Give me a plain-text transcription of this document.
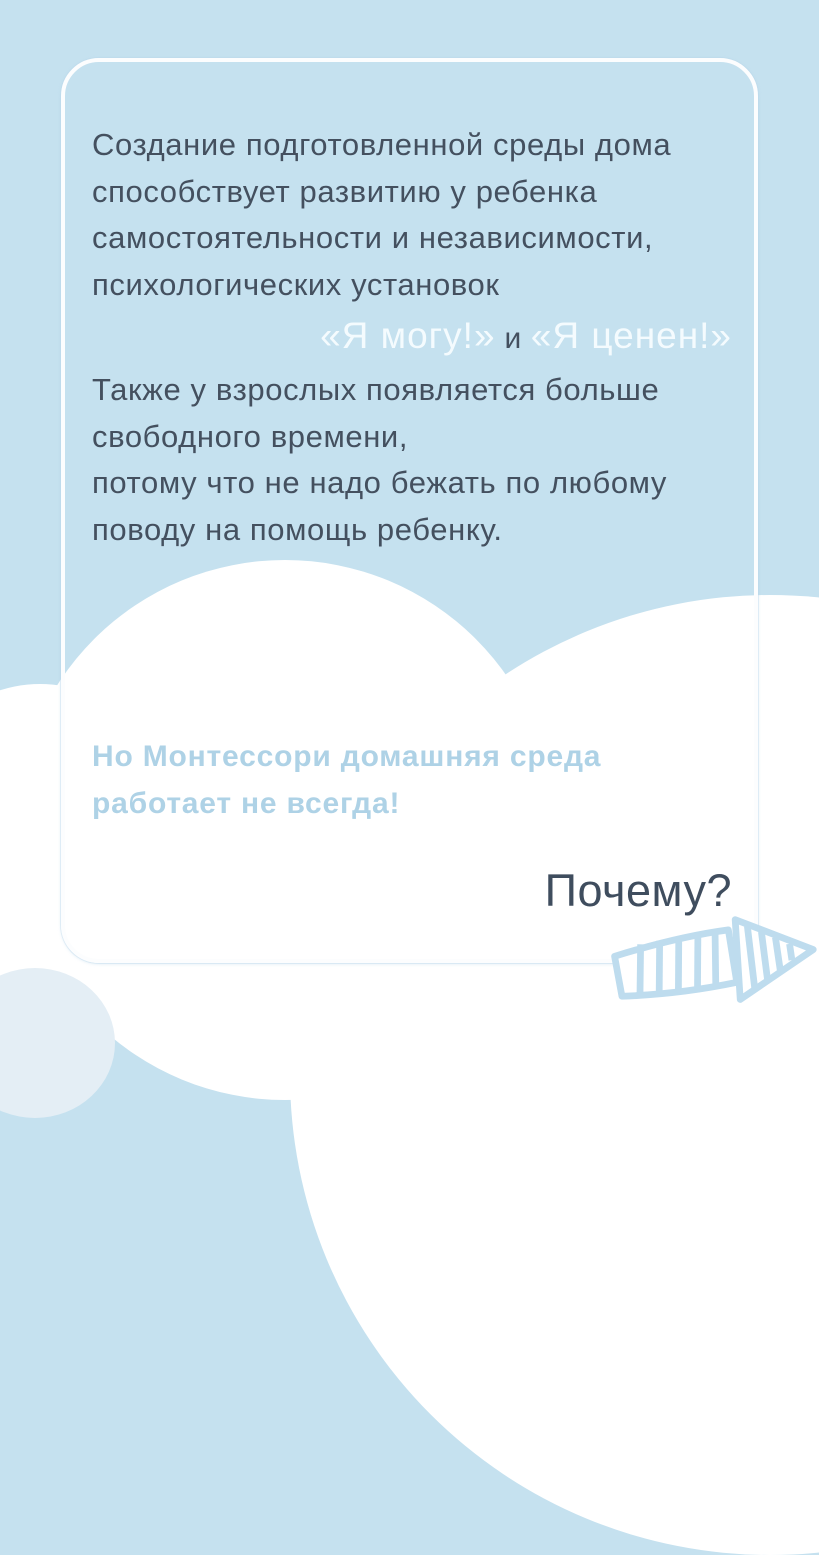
Создание подготовленной среды дома
способствует развитию у ребенка
самостоятельности и независимости,
психологических установок
«Я могу!» и «Я ценен!»
Также у взрослых появляется больше
свободного времени,
потому что не надо бежать по любому
поводу на помощь ребенку.
Но Монтессори домашняя среда
работает не всегда!
Почему?
